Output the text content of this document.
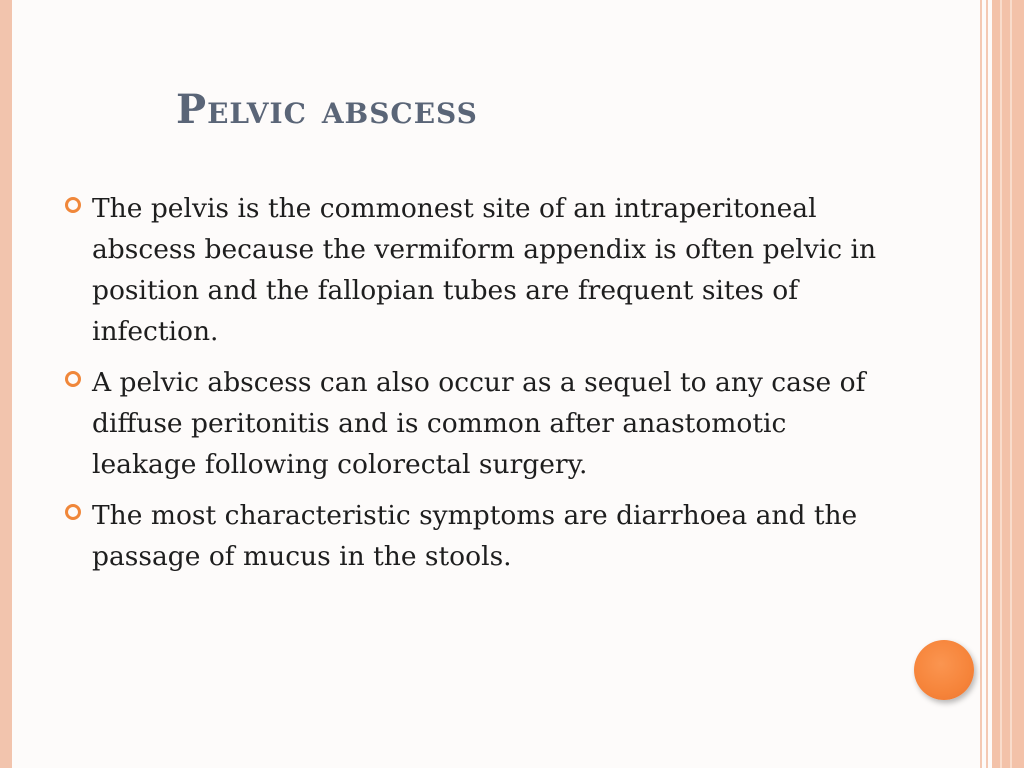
Pelvic abscess
The pelvis is the commonest site of an intraperitoneal abscess because the vermiform appendix is often pelvic in position and the fallopian tubes are frequent sites of infection.
A pelvic abscess can also occur as a sequel to any case of diffuse peritonitis and is common after anastomotic leakage following colorectal surgery.
The most characteristic symptoms are diarrhoea and the passage of mucus in the stools.
